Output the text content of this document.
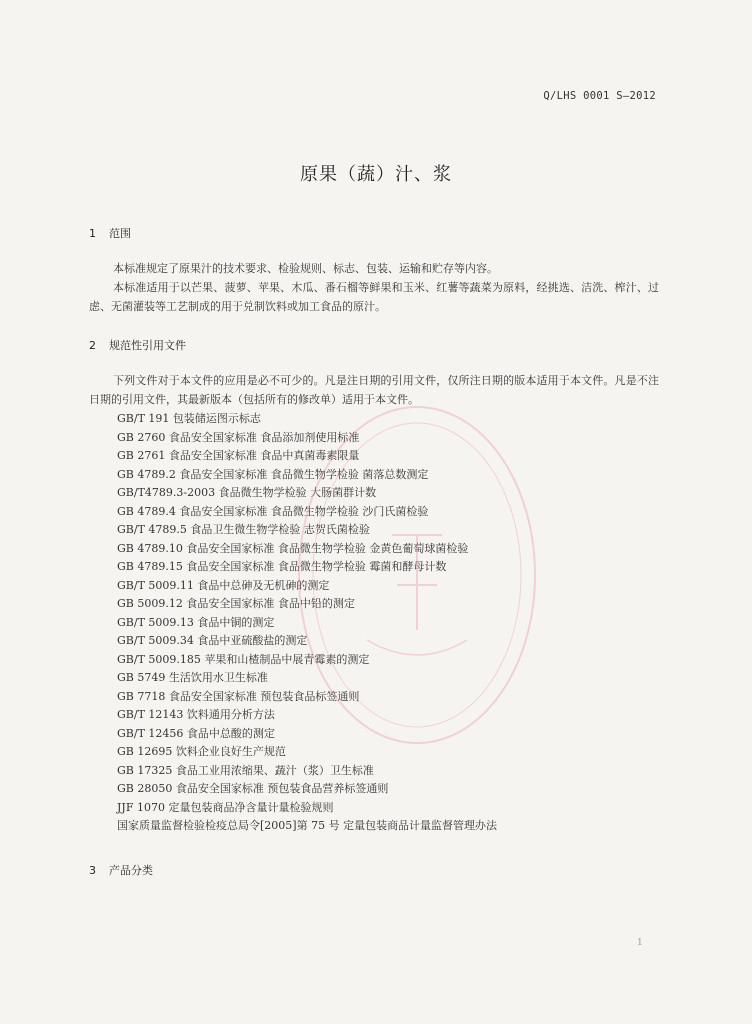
Q/LHS 0001 S—2012
原果（蔬）汁、浆
1 范围
本标准规定了原果汁的技术要求、检验规则、标志、包装、运输和贮存等内容。
本标准适用于以芒果、菠萝、苹果、木瓜、番石榴等鲜果和玉米、红薯等蔬菜为原料，经挑选、洁洗、榨汁、过虑、无菌灌装等工艺制成的用于兑制饮料或加工食品的原汁。
2 规范性引用文件
下列文件对于本文件的应用是必不可少的。凡是注日期的引用文件，仅所注日期的版本适用于本文件。凡是不注日期的引用文件，其最新版本（包括所有的修改单）适用于本文件。
GB/T 191 包装储运图示标志
GB 2760 食品安全国家标准 食品添加剂使用标准
GB 2761 食品安全国家标准 食品中真菌毒素限量
GB 4789.2 食品安全国家标准 食品微生物学检验 菌落总数测定
GB/T4789.3-2003 食品微生物学检验 大肠菌群计数
GB 4789.4 食品安全国家标准 食品微生物学检验 沙门氏菌检验
GB/T 4789.5 食品卫生微生物学检验 志贺氏菌检验
GB 4789.10 食品安全国家标准 食品微生物学检验 金黄色葡萄球菌检验
GB 4789.15 食品安全国家标准 食品微生物学检验 霉菌和酵母计数
GB/T 5009.11 食品中总砷及无机砷的测定
GB 5009.12 食品安全国家标准 食品中铅的测定
GB/T 5009.13 食品中铜的测定
GB/T 5009.34 食品中亚硫酸盐的测定
GB/T 5009.185 苹果和山楂制品中展青霉素的测定
GB 5749 生活饮用水卫生标准
GB 7718 食品安全国家标准 预包装食品标签通则
GB/T 12143 饮料通用分析方法
GB/T 12456 食品中总酸的测定
GB 12695 饮料企业良好生产规范
GB 17325 食品工业用浓缩果、蔬汁（浆）卫生标准
GB 28050 食品安全国家标准 预包装食品营养标签通则
JJF 1070 定量包装商品净含量计量检验规则
国家质量监督检验检疫总局令[2005]第 75 号 定量包装商品计量监督管理办法
3 产品分类
1
